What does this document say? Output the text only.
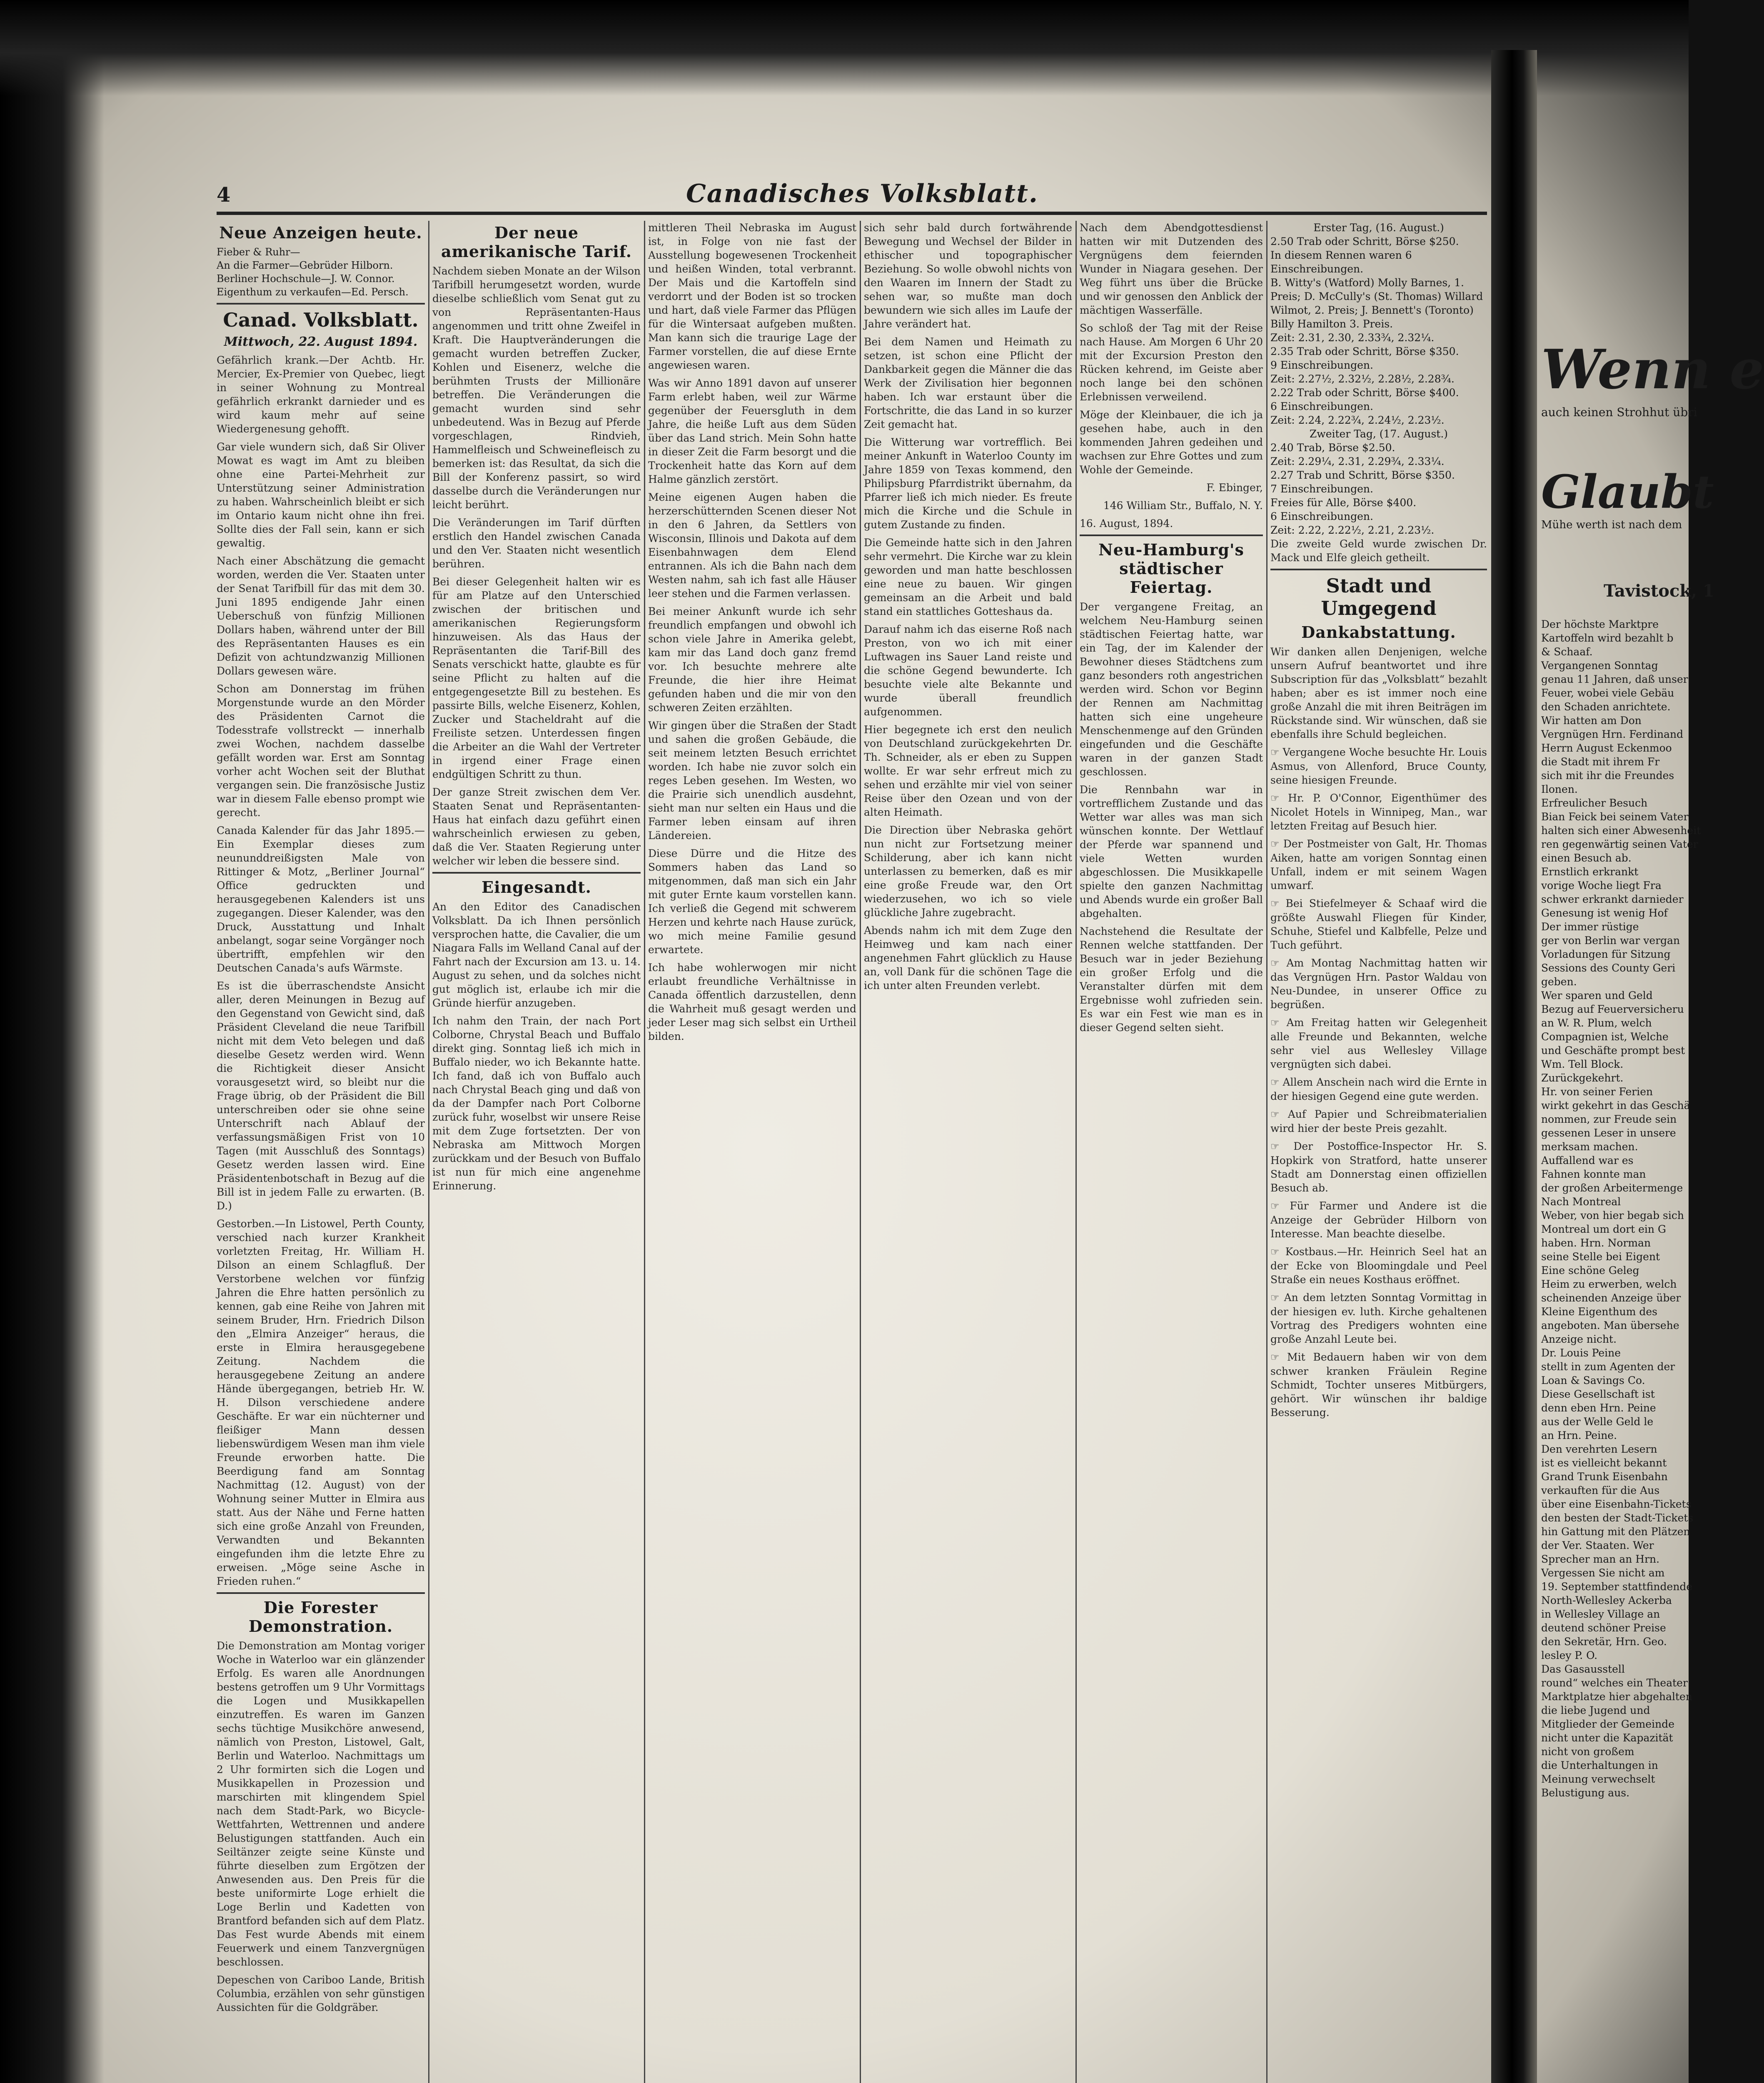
4	Canadisches Volksblatt.
Neue Anzeigen heute.
Fieber & Ruhr—
An die Farmer—Gebrüder Hilborn.
Berliner Hochschule—J. W. Connor.
Eigenthum zu verkaufen—Ed. Persch.
Canad. Volksblatt.
Mittwoch, 22. August 1894.

Gefährlich krank.—Der Achtb. Hr. Mercier, Ex-Premier von Quebec, liegt in seiner Wohnung zu Montreal gefährlich erkrankt darnieder und es wird kaum mehr auf seine Wiedergenesung gehofft.

Gar viele wundern sich, daß Sir Oliver Mowat es wagt im Amt zu bleiben ohne eine Partei-Mehrheit zur Unterstützung seiner Administration zu haben. Wahrscheinlich bleibt er sich im Ontario kaum nicht ohne ihn frei. Sollte dies der Fall sein, kann er sich gewaltig.

Nach einer Abschätzung die gemacht worden, werden die Ver. Staaten unter der Senat Tarifbill für das mit dem 30. Juni 1895 endigende Jahr einen Ueberschuß von fünfzig Millionen Dollars haben, während unter der Bill des Repräsentanten Hauses es ein Defizit von achtundzwanzig Millionen Dollars gewesen wäre.

Schon am Donnerstag im frühen Morgenstunde wurde an den Mörder des Präsidenten Carnot die Todesstrafe vollstreckt — innerhalb zwei Wochen, nachdem dasselbe gefällt worden war. Erst am Sonntag vorher acht Wochen seit der Bluthat vergangen sein. Die französische Justiz war in diesem Falle ebenso prompt wie gerecht.

Canada Kalender für das Jahr 1895.—Ein Exemplar dieses zum neununddreißigsten Male von Rittinger & Motz, „Berliner Journal“ Office gedruckten und herausgegebenen Kalenders ist uns zugegangen. Dieser Kalender, was den Druck, Ausstattung und Inhalt anbelangt, sogar seine Vorgänger noch übertrifft, empfehlen wir den Deutschen Canada's aufs Wärmste.

Es ist die überraschendste Ansicht aller, deren Meinungen in Bezug auf den Gegenstand von Gewicht sind, daß Präsident Cleveland die neue Tarifbill nicht mit dem Veto belegen und daß dieselbe Gesetz werden wird. Wenn die Richtigkeit dieser Ansicht vorausgesetzt wird, so bleibt nur die Frage übrig, ob der Präsident die Bill unterschreiben oder sie ohne seine Unterschrift nach Ablauf der verfassungsmäßigen Frist von 10 Tagen (mit Ausschluß des Sonntags) Gesetz werden lassen wird. Eine Präsidentenbotschaft in Bezug auf die Bill ist in jedem Falle zu erwarten. (B. D.)

Gestorben.—In Listowel, Perth County, verschied nach kurzer Krankheit vorletzten Freitag, Hr. William H. Dilson an einem Schlagfluß. Der Verstorbene welchen vor fünfzig Jahren die Ehre hatten persönlich zu kennen, gab eine Reihe von Jahren mit seinem Bruder, Hrn. Friedrich Dilson den „Elmira Anzeiger“ heraus, die erste in Elmira herausgegebene Zeitung. Nachdem die herausgegebene Zeitung an andere Hände übergegangen, betrieb Hr. W. H. Dilson verschiedene andere Geschäfte. Er war ein nüchterner und fleißiger Mann dessen liebenswürdigem Wesen man ihm viele Freunde erworben hatte. Die Beerdigung fand am Sonntag Nachmittag (12. August) von der Wohnung seiner Mutter in Elmira aus statt. Aus der Nähe und Ferne hatten sich eine große Anzahl von Freunden, Verwandten und Bekannten eingefunden ihm die letzte Ehre zu erweisen. „Möge seine Asche in Frieden ruhen.“

Die Forester Demonstration.

Die Demonstration am Montag voriger Woche in Waterloo war ein glänzender Erfolg. Es waren alle Anordnungen bestens getroffen um 9 Uhr Vormittags die Logen und Musikkapellen einzutreffen. Es waren im Ganzen sechs tüchtige Musikchöre anwesend, nämlich von Preston, Listowel, Galt, Berlin und Waterloo. Nachmittags um 2 Uhr formirten sich die Logen und Musikkapellen in Prozession und marschirten mit klingendem Spiel nach dem Stadt-Park, wo Bicycle-Wettfahrten, Wettrennen und andere Belustigungen stattfanden. Auch ein Seiltänzer zeigte seine Künste und führte dieselben zum Ergötzen der Anwesenden aus. Den Preis für die beste uniformirte Loge erhielt die Loge Berlin und Kadetten von Brantford befanden sich auf dem Platz. Das Fest wurde Abends mit einem Feuerwerk und einem Tanzvergnügen beschlossen.

Depeschen von Cariboo Lande, British Columbia, erzählen von sehr günstigen Aussichten für die Goldgräber.

Der neue amerikanische Tarif.

Nachdem sieben Monate an der Wilson Tarifbill herumgesetzt worden, wurde dieselbe schließlich vom Senat gut zu von Repräsentanten-Haus angenommen und tritt ohne Zweifel in Kraft. Die Hauptveränderungen die gemacht wurden betreffen Zucker, Kohlen und Eisenerz, welche die berühmten Trusts der Millionäre betreffen. Die Veränderungen die gemacht wurden sind sehr unbedeutend. Was in Bezug auf Pferde vorgeschlagen, Rindvieh, Hammelfleisch und Schweinefleisch zu bemerken ist: das Resultat, da sich die Bill der Konferenz passirt, so wird dasselbe durch die Veränderungen nur leicht berührt.

Die Veränderungen im Tarif dürften erstlich den Handel zwischen Canada und den Ver. Staaten nicht wesentlich berühren.

Bei dieser Gelegenheit halten wir es für am Platze auf den Unterschied zwischen der britischen und amerikanischen Regierungsform hinzuweisen. Als das Haus der Repräsentanten die Tarif-Bill des Senats verschickt hatte, glaubte es für seine Pflicht zu halten auf die entgegengesetzte Bill zu bestehen. Es passirte Bills, welche Eisenerz, Kohlen, Zucker und Stacheldraht auf die Freiliste setzen. Unterdessen fingen die Arbeiter an die Wahl der Vertreter in irgend einer Frage einen endgültigen Schritt zu thun.

Der ganze Streit zwischen dem Ver. Staaten Senat und Repräsentanten-Haus hat einfach dazu geführt einen wahrscheinlich erwiesen zu geben, daß die Ver. Staaten Regierung unter welcher wir leben die bessere sind.

Eingesandt.

An den Editor des Canadischen Volksblatt. Da ich Ihnen persönlich versprochen hatte, die Cavalier, die um Niagara Falls im Welland Canal auf der Fahrt nach der Excursion am 13. u. 14. August zu sehen, und da solches nicht gut möglich ist, erlaube ich mir die Gründe hierfür anzugeben.

Ich nahm den Train, der nach Port Colborne, Chrystal Beach und Buffalo direkt ging. Sonntag ließ ich mich in Buffalo nieder, wo ich Bekannte hatte. Ich fand, daß ich von Buffalo auch nach Chrystal Beach ging und daß von da der Dampfer nach Port Colborne zurück fuhr, woselbst wir unsere Reise mit dem Zuge fortsetzten. Der von Nebraska am Mittwoch Morgen zurückkam und der Besuch von Buffalo ist nun für mich eine angenehme Erinnerung.

mittleren Theil Nebraska im August ist, in Folge von nie fast der Ausstellung bogewesenen Trockenheit und heißen Winden, total verbrannt. Der Mais und die Kartoffeln sind verdorrt und der Boden ist so trocken und hart, daß viele Farmer das Pflügen für die Wintersaat aufgeben mußten. Man kann sich die traurige Lage der Farmer vorstellen, die auf diese Ernte angewiesen waren.

Was wir Anno 1891 davon auf unserer Farm erlebt haben, weil zur Wärme gegenüber der Feuersgluth in dem Jahre, die heiße Luft aus dem Süden über das Land strich. Mein Sohn hatte in dieser Zeit die Farm besorgt und die Trockenheit hatte das Korn auf dem Halme gänzlich zerstört.

Meine eigenen Augen haben die herzerschütternden Scenen dieser Not in den 6 Jahren, da Settlers von Wisconsin, Illinois und Dakota auf dem Eisenbahnwagen dem Elend entrannen. Als ich die Bahn nach dem Westen nahm, sah ich fast alle Häuser leer stehen und die Farmen verlassen.

Bei meiner Ankunft wurde ich sehr freundlich empfangen und obwohl ich schon viele Jahre in Amerika gelebt, kam mir das Land doch ganz fremd vor. Ich besuchte mehrere alte Freunde, die hier ihre Heimat gefunden haben und die mir von den schweren Zeiten erzählten.

Wir gingen über die Straßen der Stadt und sahen die großen Gebäude, die seit meinem letzten Besuch errichtet worden. Ich habe nie zuvor solch ein reges Leben gesehen. Im Westen, wo die Prairie sich unendlich ausdehnt, sieht man nur selten ein Haus und die Farmer leben einsam auf ihren Ländereien.

Diese Dürre und die Hitze des Sommers haben das Land so mitgenommen, daß man sich ein Jahr mit guter Ernte kaum vorstellen kann. Ich verließ die Gegend mit schwerem Herzen und kehrte nach Hause zurück, wo mich meine Familie gesund erwartete.

Ich habe wohlerwogen mir nicht erlaubt freundliche Verhältnisse in Canada öffentlich darzustellen, denn die Wahrheit muß gesagt werden und jeder Leser mag sich selbst ein Urtheil bilden.

sich sehr bald durch fortwährende Bewegung und Wechsel der Bilder in ethischer und topographischer Beziehung. So wolle obwohl nichts von den Waaren im Innern der Stadt zu sehen war, so mußte man doch bewundern wie sich alles im Laufe der Jahre verändert hat.

Bei dem Namen und Heimath zu setzen, ist schon eine Pflicht der Dankbarkeit gegen die Männer die das Werk der Zivilisation hier begonnen haben. Ich war erstaunt über die Fortschritte, die das Land in so kurzer Zeit gemacht hat.

Die Witterung war vortrefflich. Bei meiner Ankunft in Waterloo County im Jahre 1859 von Texas kommend, den Philipsburg Pfarrdistrikt übernahm, da Pfarrer ließ ich mich nieder. Es freute mich die Kirche und die Schule in gutem Zustande zu finden.

Die Gemeinde hatte sich in den Jahren sehr vermehrt. Die Kirche war zu klein geworden und man hatte beschlossen eine neue zu bauen. Wir gingen gemeinsam an die Arbeit und bald stand ein stattliches Gotteshaus da.

Darauf nahm ich das eiserne Roß nach Preston, von wo ich mit einer Luftwagen ins Sauer Land reiste und die schöne Gegend bewunderte. Ich besuchte viele alte Bekannte und wurde überall freundlich aufgenommen.

Hier begegnete ich erst den neulich von Deutschland zurückgekehrten Dr. Th. Schneider, als er eben zu Suppen wollte. Er war sehr erfreut mich zu sehen und erzählte mir viel von seiner Reise über den Ozean und von der alten Heimath.

Die Direction über Nebraska gehört nun nicht zur Fortsetzung meiner Schilderung, aber ich kann nicht unterlassen zu bemerken, daß es mir eine große Freude war, den Ort wiederzusehen, wo ich so viele glückliche Jahre zugebracht.

Abends nahm ich mit dem Zuge den Heimweg und kam nach einer angenehmen Fahrt glücklich zu Hause an, voll Dank für die schönen Tage die ich unter alten Freunden verlebt.

Nach dem Abendgottesdienst hatten wir mit Dutzenden des Vergnügens dem feiernden Wunder in Niagara gesehen. Der Weg führt uns über die Brücke und wir genossen den Anblick der mächtigen Wasserfälle.

So schloß der Tag mit der Reise nach Hause. Am Morgen 6 Uhr 20 mit der Excursion Preston den Rücken kehrend, im Geiste aber noch lange bei den schönen Erlebnissen verweilend.

Möge der Kleinbauer, die ich ja gesehen habe, auch in den kommenden Jahren gedeihen und wachsen zur Ehre Gottes und zum Wohle der Gemeinde.

F. Ebinger,
146 William Str., Buffalo, N. Y.
16. August, 1894.
Neu-Hamburg's städtischer Feiertag.

Der vergangene Freitag, an welchem Neu-Hamburg seinen städtischen Feiertag hatte, war ein Tag, der im Kalender der Bewohner dieses Städtchens zum ganz besonders roth angestrichen werden wird. Schon vor Beginn der Rennen am Nachmittag hatten sich eine ungeheure Menschenmenge auf den Gründen eingefunden und die Geschäfte waren in der ganzen Stadt geschlossen.

Die Rennbahn war in vortrefflichem Zustande und das Wetter war alles was man sich wünschen konnte. Der Wettlauf der Pferde war spannend und viele Wetten wurden abgeschlossen. Die Musikkapelle spielte den ganzen Nachmittag und Abends wurde ein großer Ball abgehalten.

Nachstehend die Resultate der Rennen welche stattfanden. Der Besuch war in jeder Beziehung ein großer Erfolg und die Veranstalter dürfen mit dem Ergebnisse wohl zufrieden sein. Es war ein Fest wie man es in dieser Gegend selten sieht.

Erster Tag, (16. August.)
2.50 Trab oder Schritt, Börse $250.
In diesem Rennen waren 6 Einschreibungen.
B. Witty's (Watford) Molly Barnes, 1. Preis; D. McCully's (St. Thomas) Willard Wilmot, 2. Preis; J. Bennett's (Toronto) Billy Hamilton 3. Preis.
Zeit: 2.31, 2.30, 2.33¾, 2.32¼.
2.35 Trab oder Schritt, Börse $350.
9 Einschreibungen.
Zeit: 2.27½, 2.32½, 2.28½, 2.28¾.
2.22 Trab oder Schritt, Börse $400.
6 Einschreibungen.
Zeit: 2.24, 2.22¾, 2.24½, 2.23½.
Zweiter Tag, (17. August.)
2.40 Trab, Börse $2.50.
Zeit: 2.29¼, 2.31, 2.29¾, 2.33¼.
2.27 Trab und Schritt, Börse $350.
7 Einschreibungen.
Freies für Alle, Börse $400.
6 Einschreibungen.
Zeit: 2.22, 2.22½, 2.21, 2.23½.

Die zweite Geld wurde zwischen Dr. Mack und Elfe gleich getheilt.

Stadt und Umgegend
Dankabstattung.

Wir danken allen Denjenigen, welche unsern Aufruf beantwortet und ihre Subscription für das „Volksblatt“ bezahlt haben; aber es ist immer noch eine große Anzahl die mit ihren Beiträgen im Rückstande sind. Wir wünschen, daß sie ebenfalls ihre Schuld begleichen.

☞ Vergangene Woche besuchte Hr. Louis Asmus, von Allenford, Bruce County, seine hiesigen Freunde.

☞ Hr. P. O'Connor, Eigenthümer des Nicolet Hotels in Winnipeg, Man., war letzten Freitag auf Besuch hier.

☞ Der Postmeister von Galt, Hr. Thomas Aiken, hatte am vorigen Sonntag einen Unfall, indem er mit seinem Wagen umwarf.

☞ Bei Stiefelmeyer & Schaaf wird die größte Auswahl Fliegen für Kinder, Schuhe, Stiefel und Kalbfelle, Pelze und Tuch geführt.

☞ Am Montag Nachmittag hatten wir das Vergnügen Hrn. Pastor Waldau von Neu-Dundee, in unserer Office zu begrüßen.

☞ Am Freitag hatten wir Gelegenheit alle Freunde und Bekannten, welche sehr viel aus Wellesley Village vergnügten sich dabei.

☞ Allem Anschein nach wird die Ernte in der hiesigen Gegend eine gute werden.

☞ Auf Papier und Schreibmaterialien wird hier der beste Preis gezahlt.

☞ Der Postoffice-Inspector Hr. S. Hopkirk von Stratford, hatte unserer Stadt am Donnerstag einen offiziellen Besuch ab.

☞ Für Farmer und Andere ist die Anzeige der Gebrüder Hilborn von Interesse. Man beachte dieselbe.

☞ Kostbaus.—Hr. Heinrich Seel hat an der Ecke von Bloomingdale und Peel Straße ein neues Kosthaus eröffnet.

☞ An dem letzten Sonntag Vormittag in der hiesigen ev. luth. Kirche gehaltenen Vortrag des Predigers wohnten eine große Anzahl Leute bei.

☞ Mit Bedauern haben wir von dem schwer kranken Fräulein Regine Schmidt, Tochter unseres Mitbürgers, gehört. Wir wünschen ihr baldige Besserung.

Wenn e
auch keinen Strohhut übri
Glaubt
Mühe werth ist nach dem
Tavistock, 1
Der höchste Marktpre
Kartoffeln wird bezahlt b
& Schaaf.
Vergangenen Sonntag
genau 11 Jahren, daß unser
Feuer, wobei viele Gebäu
den Schaden anrichtete.
Wir hatten am Don
Vergnügen Hrn. Ferdinand
Herrn August Eckenmoo
die Stadt mit ihrem Fr
sich mit ihr die Freundes
Ilonen.
Erfreulicher Besuch
Bian Feick bei seinem Vater
halten sich einer Abwesenheit
ren gegenwärtig seinen Vater
einen Besuch ab.
Ernstlich erkrankt
vorige Woche liegt Fra
schwer erkrankt darnieder
Genesung ist wenig Hof
Der immer rüstige
ger von Berlin war vergan
Vorladungen für Sitzung
Sessions des County Geri
geben.
Wer sparen und Geld
Bezug auf Feuerversicheru
an W. R. Plum, welch
Compagnien ist, Welche
und Geschäfte prompt best
Wm. Tell Block.
Zurückgekehrt.
Hr. von seiner Ferien
wirkt gekehrt in das Geschä
nommen, zur Freude sein
gessenen Leser in unsere
merksam machen.
Auffallend war es
Fahnen konnte man
der großen Arbeitermenge
Nach Montreal
Weber, von hier begab sich
Montreal um dort ein G
haben. Hrn. Norman
seine Stelle bei Eigent
Eine schöne Geleg
Heim zu erwerben, welch
scheinenden Anzeige über
Kleine Eigenthum des
angeboten. Man übersehe
Anzeige nicht.
Dr. Louis Peine
stellt in zum Agenten der
Loan & Savings Co.
Diese Gesellschaft ist
denn eben Hrn. Peine
aus der Welle Geld le
an Hrn. Peine.
Den verehrten Lesern
ist es vielleicht bekannt
Grand Trunk Eisenbahn
verkauften für die Aus
über eine Eisenbahn-Tickets
den besten der Stadt-Tickets
hin Gattung mit den Plätzen
der Ver. Staaten. Wer
Sprecher man an Hrn.
Vergessen Sie nicht am
19. September stattfindende
North-Wellesley Ackerba
in Wellesley Village an
deutend schöner Preise
den Sekretär, Hrn. Geo.
lesley P. O.
Das Gasausstell
round“ welches ein Theater
Marktplatze hier abgehalten
die liebe Jugend und
Mitglieder der Gemeinde
nicht unter die Kapazität
nicht von großem
die Unterhaltungen in
Meinung verwechselt
Belustigung aus.
